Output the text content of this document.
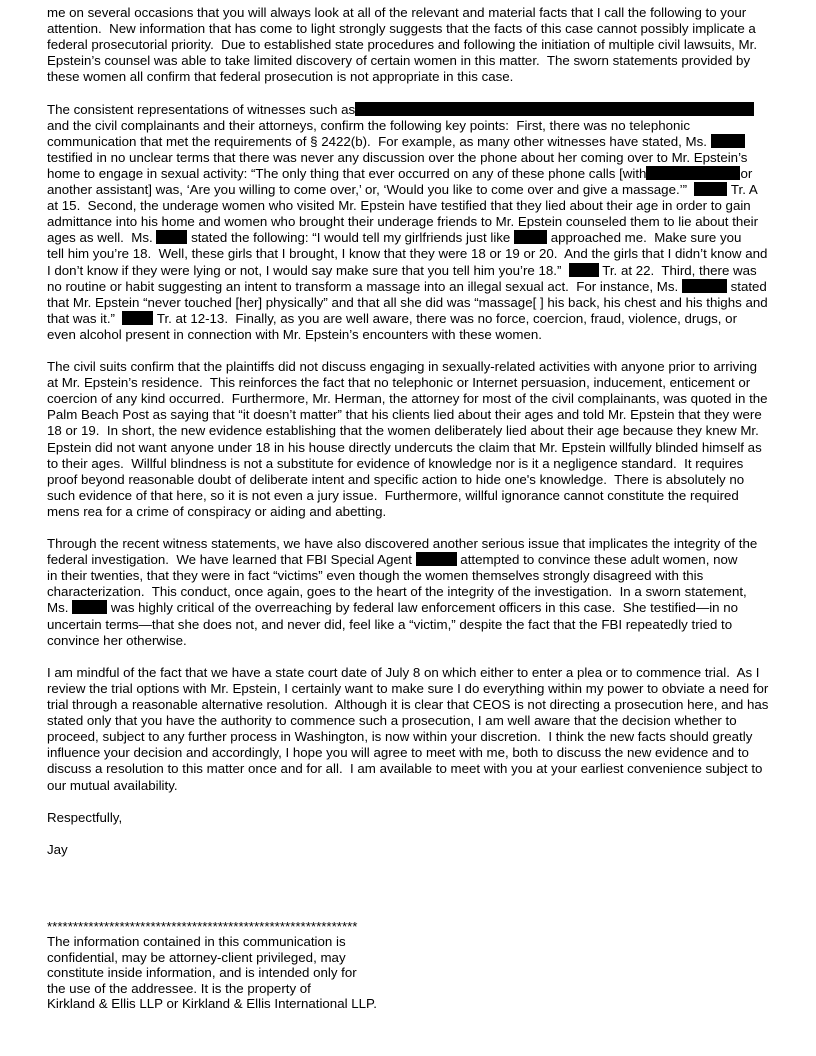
me on several occasions that you will always look at all of the relevant and material facts that I call the following to your
attention.  New information that has come to light strongly suggests that the facts of this case cannot possibly implicate a
federal prosecutorial priority.  Due to established state procedures and following the initiation of multiple civil lawsuits, Mr.
Epstein’s counsel was able to take limited discovery of certain women in this matter.  The sworn statements provided by
these women all confirm that federal prosecution is not appropriate in this case.
The consistent representations of witnesses such as
and the civil complainants and their attorneys, confirm the following key points:  First, there was no telephonic
communication that met the requirements of § 2422(b).  For example, as many other witnesses have stated, Ms.
testified in no unclear terms that there was never any discussion over the phone about her coming over to Mr. Epstein’s
home to engage in sexual activity: “The only thing that ever occurred on any of these phone calls [with	or
another assistant] was, ‘Are you willing to come over,’ or, ‘Would you like to come over and give a massage.’”   Tr. A
at 15.  Second, the underage women who visited Mr. Epstein have testified that they lied about their age in order to gain
admittance into his home and women who brought their underage friends to Mr. Epstein counseled them to lie about their
ages as well.  Ms.  stated the following: “I would tell my girlfriends just like  approached me.  Make sure you
tell him you’re 18.  Well, these girls that I brought, I know that they were 18 or 19 or 20.  And the girls that I didn’t know and
I don’t know if they were lying or not, I would say make sure that you tell him you’re 18.”   Tr. at 22.  Third, there was
no routine or habit suggesting an intent to transform a massage into an illegal sexual act.  For instance, Ms.	stated
that Mr. Epstein “never touched [her] physically” and that all she did was “massage[ ] his back, his chest and his thighs and
that was it.”   Tr. at 12-13.  Finally, as you are well aware, there was no force, coercion, fraud, violence, drugs, or
even alcohol present in connection with Mr. Epstein’s encounters with these women.
The civil suits confirm that the plaintiffs did not discuss engaging in sexually-related activities with anyone prior to arriving
at Mr. Epstein’s residence.  This reinforces the fact that no telephonic or Internet persuasion, inducement, enticement or
coercion of any kind occurred.  Furthermore, Mr. Herman, the attorney for most of the civil complainants, was quoted in the
Palm Beach Post as saying that “it doesn’t matter” that his clients lied about their ages and told Mr. Epstein that they were
18 or 19.  In short, the new evidence establishing that the women deliberately lied about their age because they knew Mr.
Epstein did not want anyone under 18 in his house directly undercuts the claim that Mr. Epstein willfully blinded himself as
to their ages.  Willful blindness is not a substitute for evidence of knowledge nor is it a negligence standard.  It requires
proof beyond reasonable doubt of deliberate intent and specific action to hide one's knowledge.  There is absolutely no
such evidence of that here, so it is not even a jury issue.  Furthermore, willful ignorance cannot constitute the required
mens rea for a crime of conspiracy or aiding and abetting.
Through the recent witness statements, we have also discovered another serious issue that implicates the integrity of the
federal investigation.  We have learned that FBI Special Agent	attempted to convince these adult women, now
in their twenties, that they were in fact “victims” even though the women themselves strongly disagreed with this
characterization.  This conduct, once again, goes to the heart of the integrity of the investigation.  In a sworn statement,
Ms.	was highly critical of the overreaching by federal law enforcement officers in this case.  She testified—in no
uncertain terms—that she does not, and never did, feel like a “victim,” despite the fact that the FBI repeatedly tried to
convince her otherwise.
I am mindful of the fact that we have a state court date of July 8 on which either to enter a plea or to commence trial.  As I
review the trial options with Mr. Epstein, I certainly want to make sure I do everything within my power to obviate a need for
trial through a reasonable alternative resolution.  Although it is clear that CEOS is not directing a prosecution here, and has
stated only that you have the authority to commence such a prosecution, I am well aware that the decision whether to
proceed, subject to any further process in Washington, is now within your discretion.  I think the new facts should greatly
influence your decision and accordingly, I hope you will agree to meet with me, both to discuss the new evidence and to
discuss a resolution to this matter once and for all.  I am available to meet with you at your earliest convenience subject to
our mutual availability.
Respectfully,
Jay
************************************************************
The information contained in this communication is
confidential, may be attorney-client privileged, may
constitute inside information, and is intended only for
the use of the addressee. It is the property of
Kirkland & Ellis LLP or Kirkland & Ellis International LLP.
